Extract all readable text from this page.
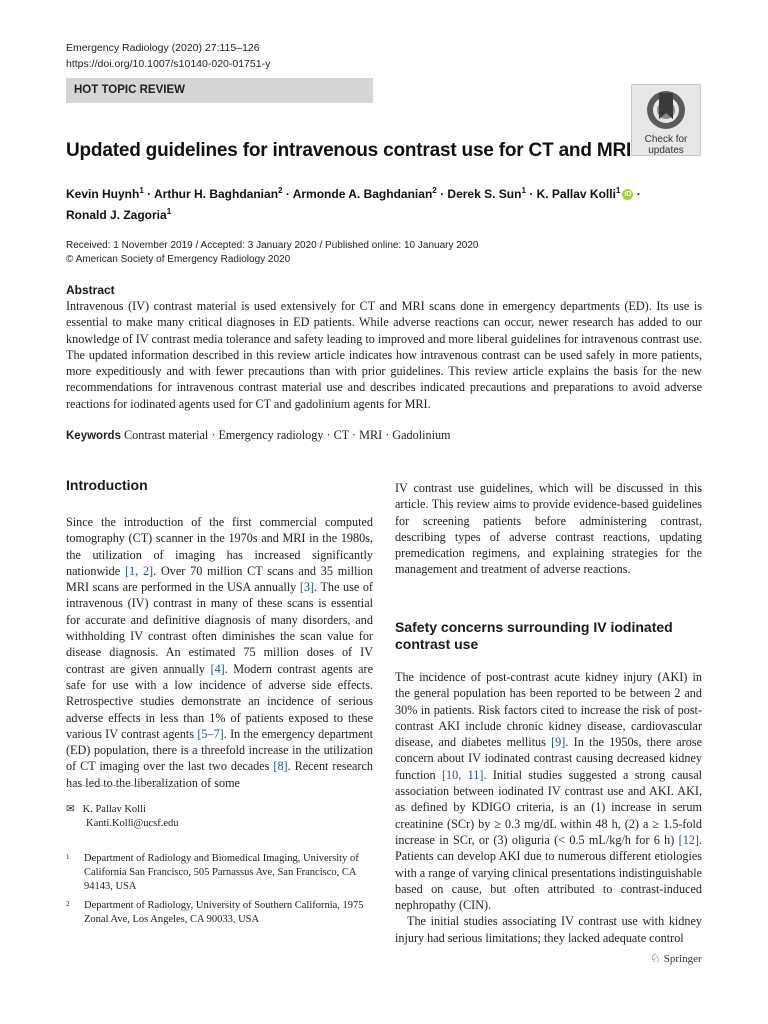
Emergency Radiology (2020) 27:115–126
https://doi.org/10.1007/s10140-020-01751-y
HOT TOPIC REVIEW
Check for
updates
Updated guidelines for intravenous contrast use for CT and MRI
Kevin Huynh$^1$ · Arthur H. Baghdanian$^2$ · Armonde A. Baghdanian$^2$ · Derek S. Sun$^1$ · K. Pallav Kolli$^1$ iD ·
Ronald J. Zagoria$^1$
Received: 1 November 2019 / Accepted: 3 January 2020 / Published online: 10 January 2020
© American Society of Emergency Radiology 2020
Abstract
Intravenous (IV) contrast material is used extensively for CT and MRI scans done in emergency departments (ED). Its use is essential to make many critical diagnoses in ED patients. While adverse reactions can occur, newer research has added to our knowledge of IV contrast media tolerance and safety leading to improved and more liberal guidelines for intravenous contrast use. The updated information described in this review article indicates how intravenous contrast can be used safely in more patients, more expeditiously and with fewer precautions than with prior guidelines. This review article explains the basis for the new recommendations for intravenous contrast material use and describes indicated precautions and preparations to avoid adverse reactions for iodinated agents used for CT and gadolinium agents for MRI.
Keywords Contrast material · Emergency radiology · CT · MRI · Gadolinium
Introduction

Since the introduction of the first commercial computed tomography (CT) scanner in the 1970s and MRI in the 1980s, the utilization of imaging has increased significantly nationwide [1, 2]. Over 70 million CT scans and 35 million MRI scans are performed in the USA annually [3]. The use of intravenous (IV) contrast in many of these scans is essential for accurate and definitive diagnosis of many disorders, and withholding IV contrast often diminishes the scan value for disease diagnosis. An estimated 75 million doses of IV contrast are given annually [4]. Modern contrast agents are safe for use with a low incidence of adverse side effects. Retrospective studies demonstrate an incidence of serious adverse effects in less than 1% of patients exposed to these various IV contrast agents [5–7]. In the emergency department (ED) population, there is a threefold increase in the utilization of CT imaging over the last two decades [8]. Recent research has led to the liberalization of some

IV contrast use guidelines, which will be discussed in this article. This review aims to provide evidence-based guidelines for screening patients before administering contrast, describing types of adverse contrast reactions, updating premedication regimens, and explaining strategies for the management and treatment of adverse reactions.

Safety concerns surrounding IV iodinated contrast use

The incidence of post-contrast acute kidney injury (AKI) in the general population has been reported to be between 2 and 30% in patients. Risk factors cited to increase the risk of post-contrast AKI include chronic kidney disease, cardiovascular disease, and diabetes mellitus [9]. In the 1950s, there arose concern about IV iodinated contrast causing decreased kidney function [10, 11]. Initial studies suggested a strong causal association between iodinated IV contrast use and AKI. AKI, as defined by KDIGO criteria, is an (1) increase in serum creatinine (SCr) by ≥ 0.3 mg/dL within 48 h, (2) a ≥ 1.5-fold increase in SCr, or (3) oliguria (< 0.5 mL/kg/h for 6 h) [12]. Patients can develop AKI due to numerous different etiologies with a range of varying clinical presentations indistinguishable based on cause, but often attributed to contrast-induced nephropathy (CIN).

The initial studies associating IV contrast use with kidney injury had serious limitations; they lacked adequate control

✉ K. Pallav Kolli
Kanti.Kolli@ucsf.edu
1 Department of Radiology and Biomedical Imaging, University of California San Francisco, 505 Parnassus Ave, San Francisco, CA 94143, USA
2 Department of Radiology, University of Southern California, 1975 Zonal Ave, Los Angeles, CA 90033, USA
♘ Springer
